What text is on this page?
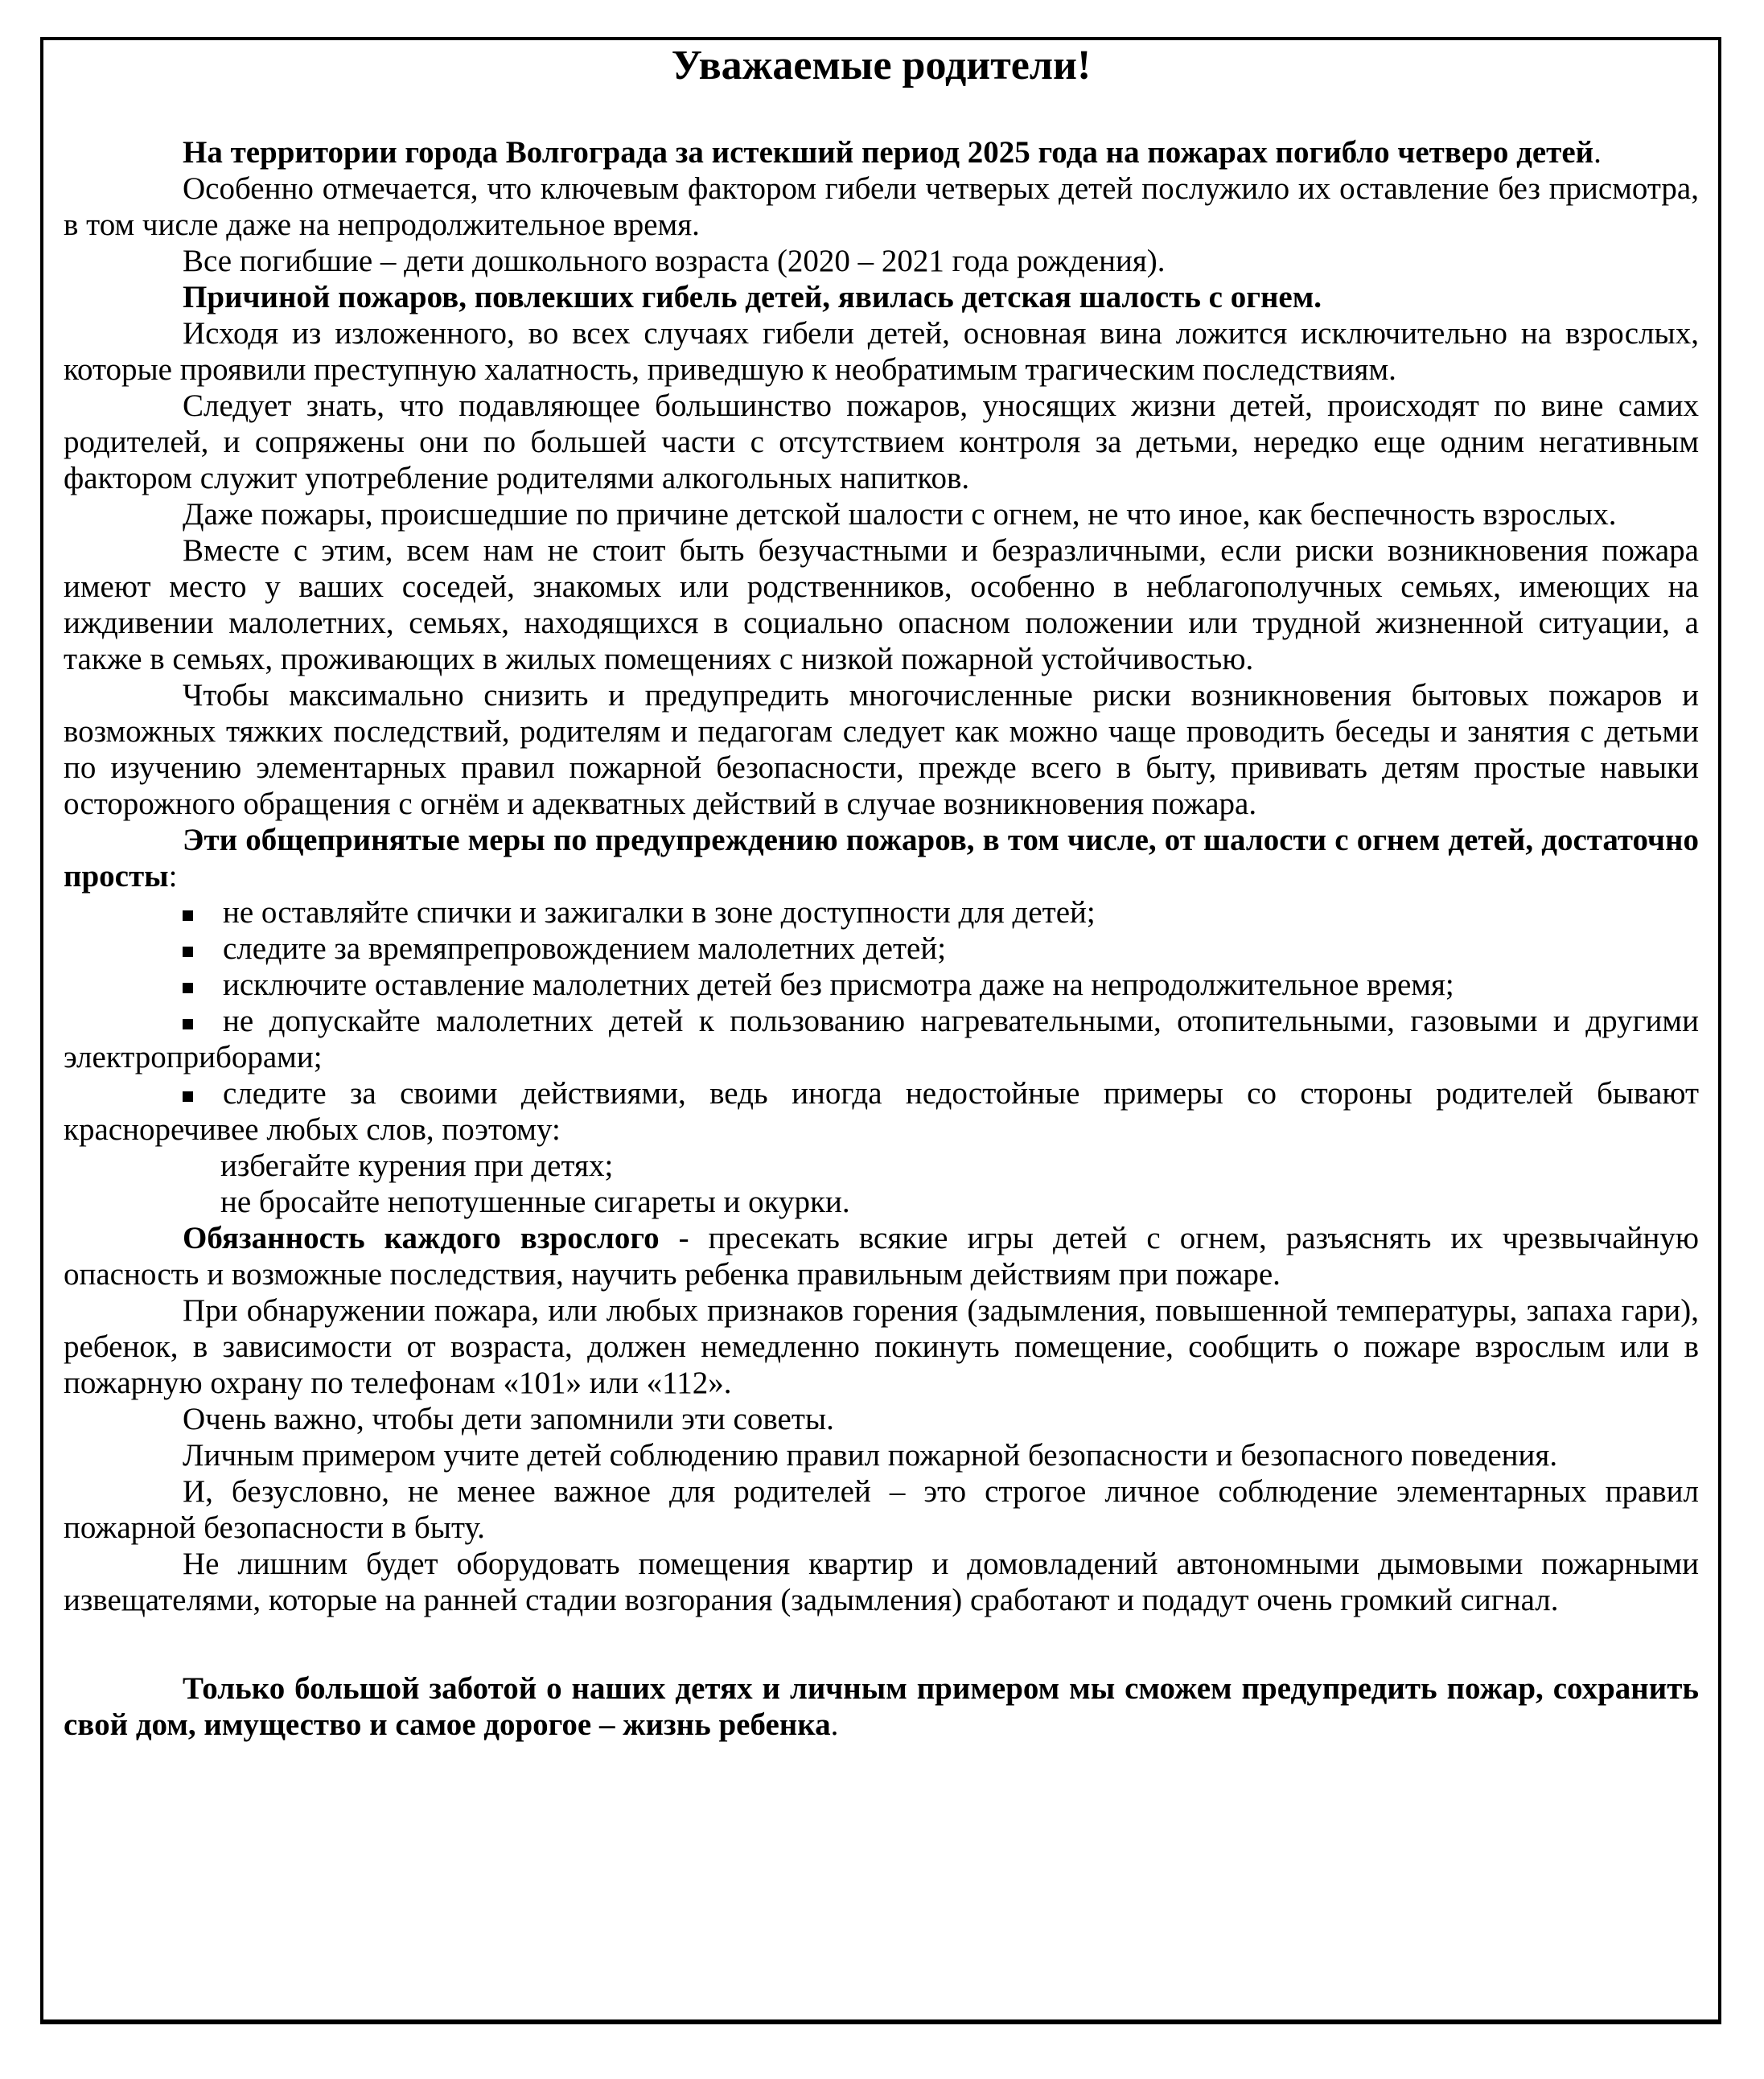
Уважаемые родители!

На территории города Волгограда за истекший период 2025 года на пожарах погибло четверо детей.

Особенно отмечается, что ключевым фактором гибели четверых детей послужило их оставление без присмотра, в том числе даже на непродолжительное время.

Все погибшие – дети дошкольного возраста (2020 – 2021 года рождения).

Причиной пожаров, повлекших гибель детей, явилась детская шалость с огнем.

Исходя из изложенного, во всех случаях гибели детей, основная вина ложится исключительно на взрослых, которые проявили преступную халатность, приведшую к необратимым трагическим последствиям.

Следует знать, что подавляющее большинство пожаров, уносящих жизни детей, происходят по вине самих родителей, и сопряжены они по большей части с отсутствием контроля за детьми, нередко еще одним негативным фактором служит употребление родителями алкогольных напитков.

Даже пожары, происшедшие по причине детской шалости с огнем, не что иное, как беспечность взрослых.

Вместе с этим, всем нам не стоит быть безучастными и безразличными, если риски возникновения пожара имеют место у ваших соседей, знакомых или родственников, особенно в неблагополучных семьях, имеющих на иждивении малолетних, семьях, находящихся в социально опасном положении или трудной жизненной ситуации, а также в семьях, проживающих в жилых помещениях с низкой пожарной устойчивостью.

Чтобы максимально снизить и предупредить многочисленные риски возникновения бытовых пожаров и возможных тяжких последствий, родителям и педагогам следует как можно чаще проводить беседы и занятия с детьми по изучению элементарных правил пожарной безопасности, прежде всего в быту, прививать детям простые навыки осторожного обращения с огнём и адекватных действий в случае возникновения пожара.

Эти общепринятые меры по предупреждению пожаров, в том числе, от шалости с огнем детей, достаточно просты:

не оставляйте спички и зажигалки в зоне доступности для детей;

следите за времяпрепровождением малолетних детей;

исключите оставление малолетних детей без присмотра даже на непродолжительное время;

не допускайте малолетних детей к пользованию нагревательными, отопительными, газовыми и другими электроприборами;

следите за своими действиями, ведь иногда недостойные примеры со стороны родителей бывают красноречивее любых слов, поэтому:

избегайте курения при детях;

не бросайте непотушенные сигареты и окурки.

Обязанность каждого взрослого - пресекать всякие игры детей с огнем, разъяснять их чрезвычайную опасность и возможные последствия, научить ребенка правильным действиям при пожаре.

При обнаружении пожара, или любых признаков горения (задымления, повышенной температуры, запаха гари), ребенок, в зависимости от возраста, должен немедленно покинуть помещение, сообщить о пожаре взрослым или в пожарную охрану по телефонам «101» или «112».

Очень важно, чтобы дети запомнили эти советы.

Личным примером учите детей соблюдению правил пожарной безопасности и безопасного поведения.

И, безусловно, не менее важное для родителей – это строгое личное соблюдение элементарных правил пожарной безопасности в быту.

Не лишним будет оборудовать помещения квартир и домовладений автономными дымовыми пожарными извещателями, которые на ранней стадии возгорания (задымления) сработают и подадут очень громкий сигнал.

Только большой заботой о наших детях и личным примером мы сможем предупредить пожар, сохранить свой дом, имущество и самое дорогое – жизнь ребенка.
